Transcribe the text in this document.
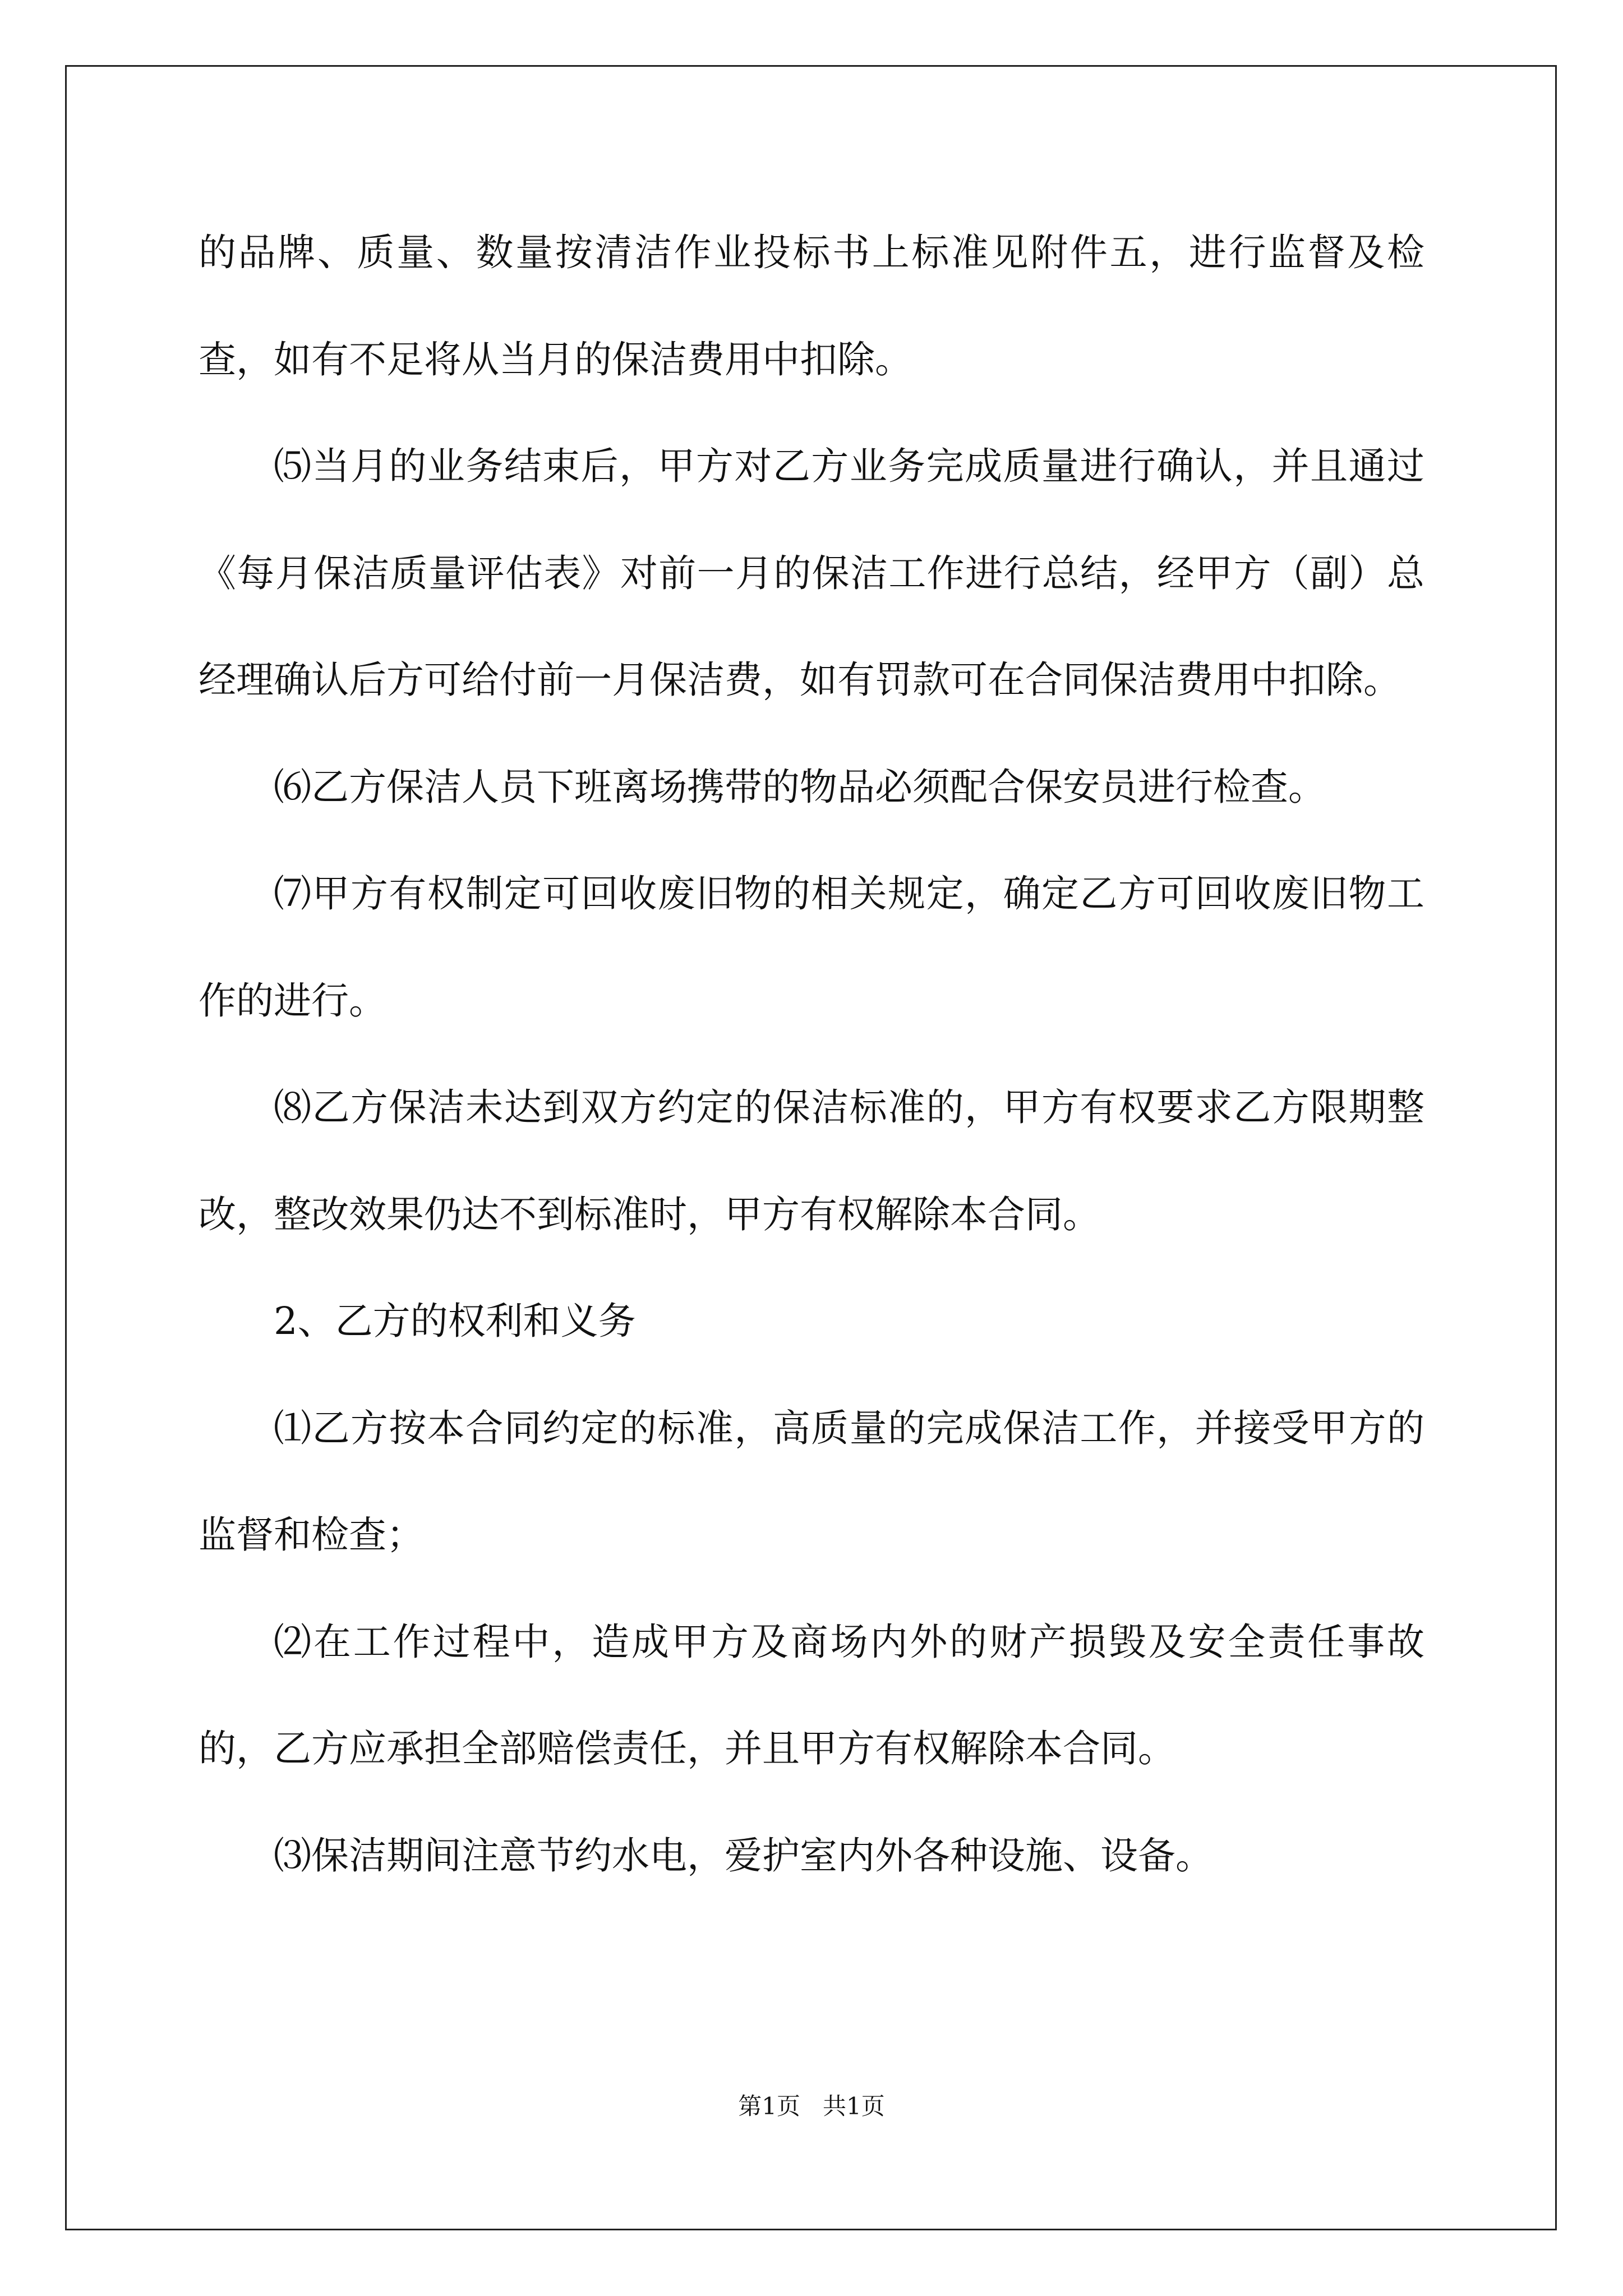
的品牌、质量、数量按清洁作业投标书上标准见附件五，进行监督及检查，如有不足将从当月的保洁费用中扣除。

⑸当月的业务结束后，甲方对乙方业务完成质量进行确认，并且通过《每月保洁质量评估表》对前一月的保洁工作进行总结，经甲方（副）总经理确认后方可给付前一月保洁费，如有罚款可在合同保洁费用中扣除。

⑹乙方保洁人员下班离场携带的物品必须配合保安员进行检查。

⑺甲方有权制定可回收废旧物的相关规定，确定乙方可回收废旧物工作的进行。

⑻乙方保洁未达到双方约定的保洁标准的，甲方有权要求乙方限期整改，整改效果仍达不到标准时，甲方有权解除本合同。

2、乙方的权利和义务

⑴乙方按本合同约定的标准，高质量的完成保洁工作，并接受甲方的监督和检查；

⑵在工作过程中，造成甲方及商场内外的财产损毁及安全责任事故的，乙方应承担全部赔偿责任，并且甲方有权解除本合同。

⑶保洁期间注意节约水电，爱护室内外各种设施、设备。

第1页   共1页
